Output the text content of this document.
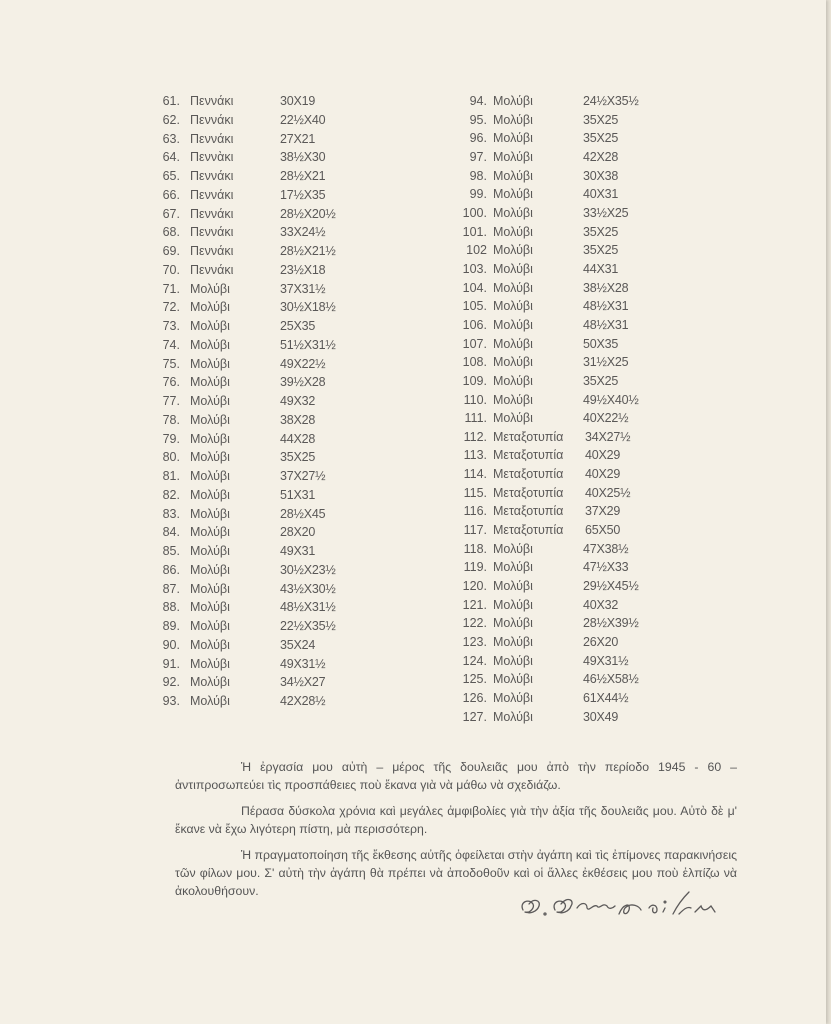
61. Πεννάκι	30X19
62. Πεννάκι	22½X40
63. Πεννάκι	27X21
64. Πεννὰκι	38½X30
65. Πεννάκι	28½X21
66. Πεννάκι	17½X35
67. Πεννάκι	28½X20½
68. Πεννάκι	33X24½
69. Πεννάκι	28½X21½
70. Πεννάκι	23½X18
71. Μολύβι	37X31½
72. Μολύβι	30½X18½
73. Μολύβι	25X35
74. Μολύβι	51½X31½
75. Μολύβι	49X22½
76. Μολύβι	39½X28
77. Μολύβι	49X32
78. Μολύβι	38X28
79. Μολύβι	44X28
80. Μολύβι	35X25
81. Μολύβι	37X27½
82. Μολύβι	51X31
83. Μολύβι	28½X45
84. Μολύβι	28X20
85. Μολύβι	49X31
86. Μολύβι	30½X23½
87. Μολύβι	43½X30½
88. Μολύβι	48½X31½
89. Μολύβι	22½X35½
90. Μολύβι	35X24
91. Μολύβι	49X31½
92. Μολύβι	34½X27
93. Μολύβι	42X28½
94. Μολύβι	24½X35½
95. Μολύβι	35X25
96. Μολύβι	35X25
97. Μολύβι	42X28
98. Μολύβι	30X38
99. Μολύβι	40X31
100. Μολύβι	33½X25
101. Μολύβι	35X25
102 Μολύβι	35X25
103. Μολύβι	44X31
104. Μολύβι	38½X28
105. Μολύβι	48½X31
106. Μολύβι	48½X31
107. Μολύβι	50X35
108. Μολύβι	31½X25
109. Μολύβι	35X25
110. Μολύβι	49½X40½
111. Μολύβι	40X22½
112. Μεταξοτυπία	34X27½
113. Μεταξοτυπία	40X29
114. Μεταξοτυπία	40X29
115. Μεταξοτυπία	40X25½
116. Μεταξοτυπία	37X29
117. Μεταξοτυπία	65X50
118. Μολύβι	47X38½
119. Μολύβι	47½X33
120. Μολύβι	29½X45½
121. Μολύβι	40X32
122. Μολύβι	28½X39½
123. Μολύβι	26X20
124. Μολύβι	49X31½
125. Μολύβι	46½X58½
126. Μολύβι	61X44½
127. Μολύβι	30X49

Ἡ ἐργασία μου αὐτὴ – μέρος τῆς δουλειᾶς μου ἀπὸ τὴν περίοδο 1945 - 60 – ἀντιπροσωπεύει τὶς προσπάθειες ποὺ ἔκανα γιὰ νὰ μάθω νὰ σχεδιάζω.

Πέρασα δύσκολα χρόνια καὶ μεγάλες ἀμφιβολίες γιὰ τὴν ἀξία τῆς δουλειᾶς μου. Αὐτὸ δὲ μ' ἔκανε νὰ ἔχω λιγότερη πίστη, μὰ περισσότερη.

Ἡ πραγματοποίηση τῆς ἔκθεσης αὐτῆς ὀφείλεται στὴν ἀγάπη καὶ τὶς ἐπίμονες παρακινήσεις τῶν φίλων μου. Σ' αὐτὴ τὴν ἀγάπη θὰ πρέπει νὰ ἀποδοθοῦν καὶ οἱ ἄλλες ἐκθέσεις μου ποὺ ἐλπίζω νὰ ἀκολουθήσουν.
